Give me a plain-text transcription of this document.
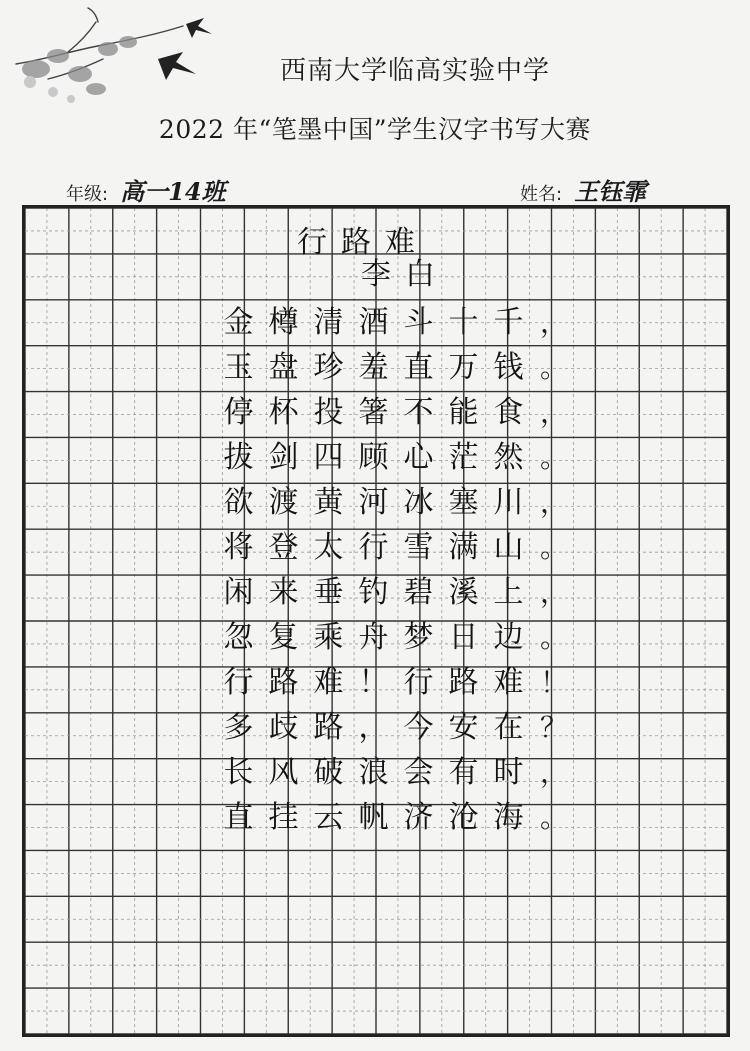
西南大学临高实验中学
2022 年“笔墨中国”学生汉字书写大赛
年级: 高一14班	姓名: 王钰霏
行 路 难
李 白
金 樽 清 酒 斗 十 千 ，
玉 盘 珍 羞 直 万 钱 。
停 杯 投 箸 不 能 食 ，
拔 剑 四 顾 心 茫 然 。
欲 渡 黄 河 冰 塞 川 ，
将 登 太 行 雪 满 山 。
闲 来 垂 钓 碧 溪 上 ，
忽 复 乘 舟 梦 日 边 。
行 路 难 ！ 行 路 难 ！
多 歧 路 ， 今 安 在 ？
长 风 破 浪 会 有 时 ，
直 挂 云 帆 济 沧 海 。
